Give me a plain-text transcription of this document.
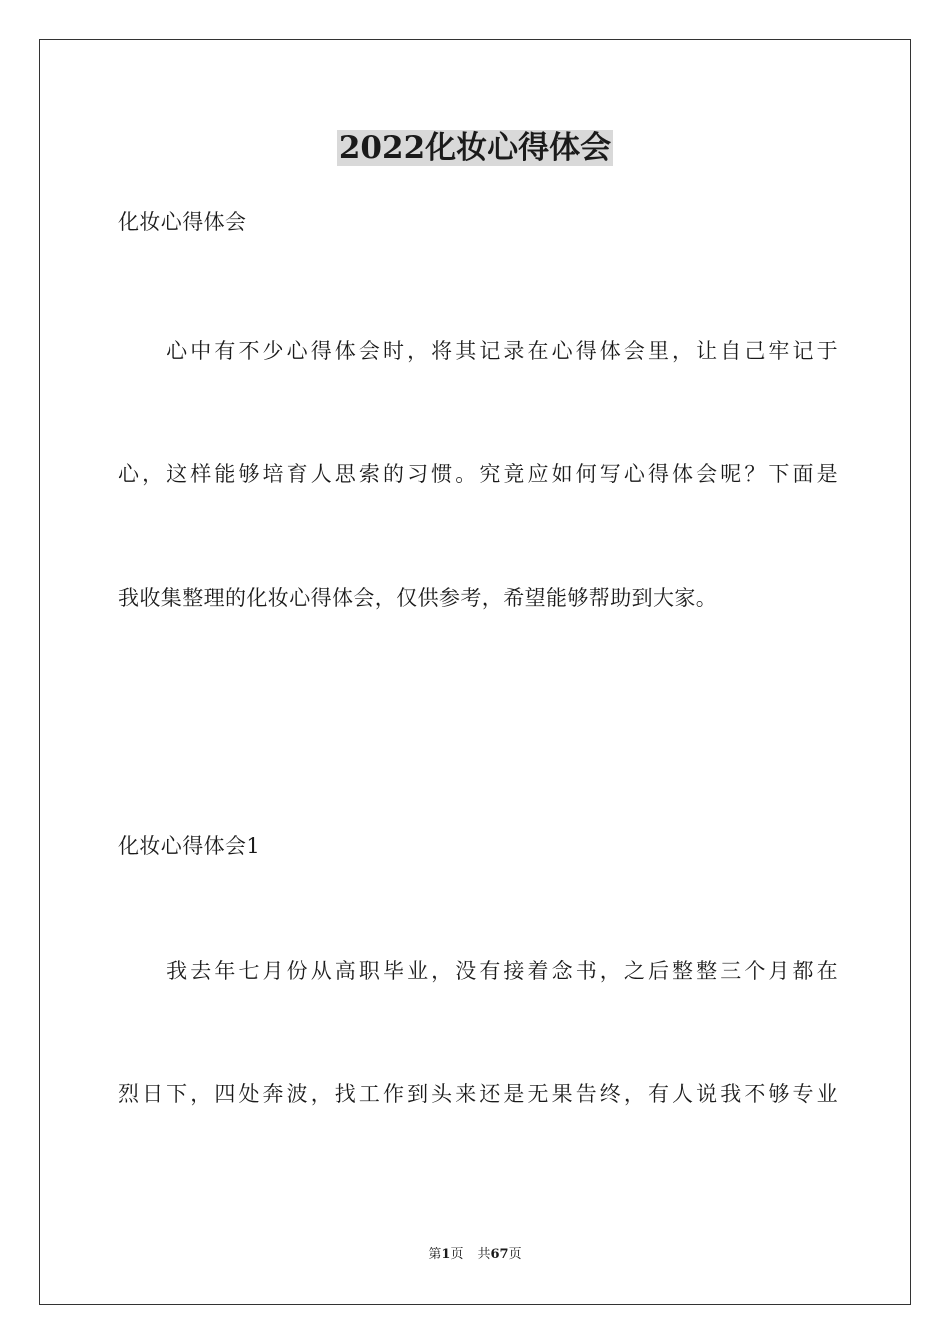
2022化妆心得体会

化妆心得体会

　　心中有不少心得体会时，将其记录在心得体会里，让自己牢记于

心，这样能够培育人思索的习惯。究竟应如何写心得体会呢？下面是

我收集整理的化妆心得体会，仅供参考，希望能够帮助到大家。

化妆心得体会1

　　我去年七月份从高职毕业，没有接着念书，之后整整三个月都在

烈日下，四处奔波，找工作到头来还是无果告终，有人说我不够专业

第1页 共67页
